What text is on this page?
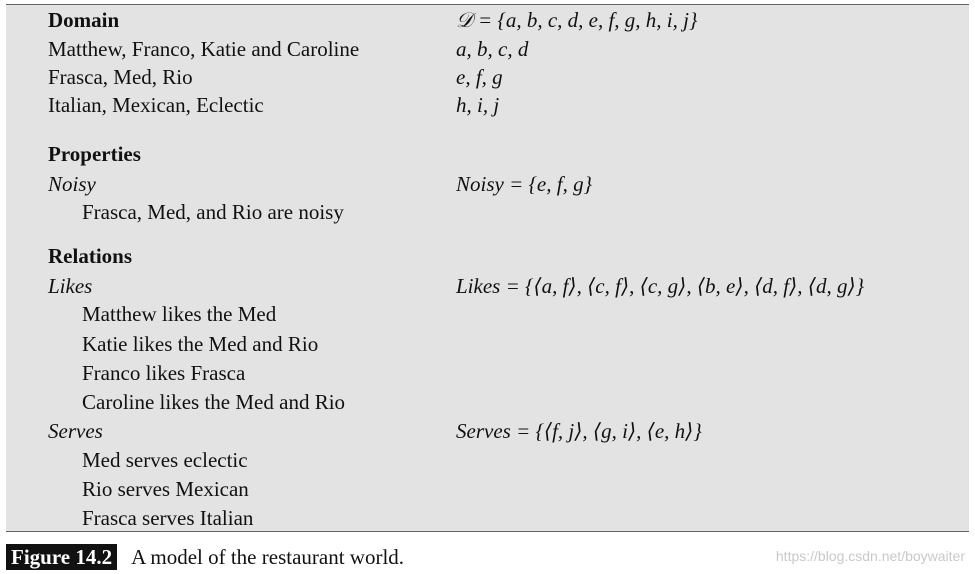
Domain	𝒟 = {a, b, c, d, e, f, g, h, i, j}
Matthew, Franco, Katie and Caroline	a, b, c, d
Frasca, Med, Rio	e, f, g
Italian, Mexican, Eclectic	h, i, j
Properties
Noisy	Noisy = {e, f, g}
Frasca, Med, and Rio are noisy
Relations
Likes	Likes = {⟨a, f⟩, ⟨c, f⟩, ⟨c, g⟩, ⟨b, e⟩, ⟨d, f⟩, ⟨d, g⟩}
Matthew likes the Med
Katie likes the Med and Rio
Franco likes Frasca
Caroline likes the Med and Rio
Serves	Serves = {⟨f, j⟩, ⟨g, i⟩, ⟨e, h⟩}
Med serves eclectic
Rio serves Mexican
Frasca serves Italian
Figure 14.2 A model of the restaurant world.	https://blog.csdn.net/boywaiter
